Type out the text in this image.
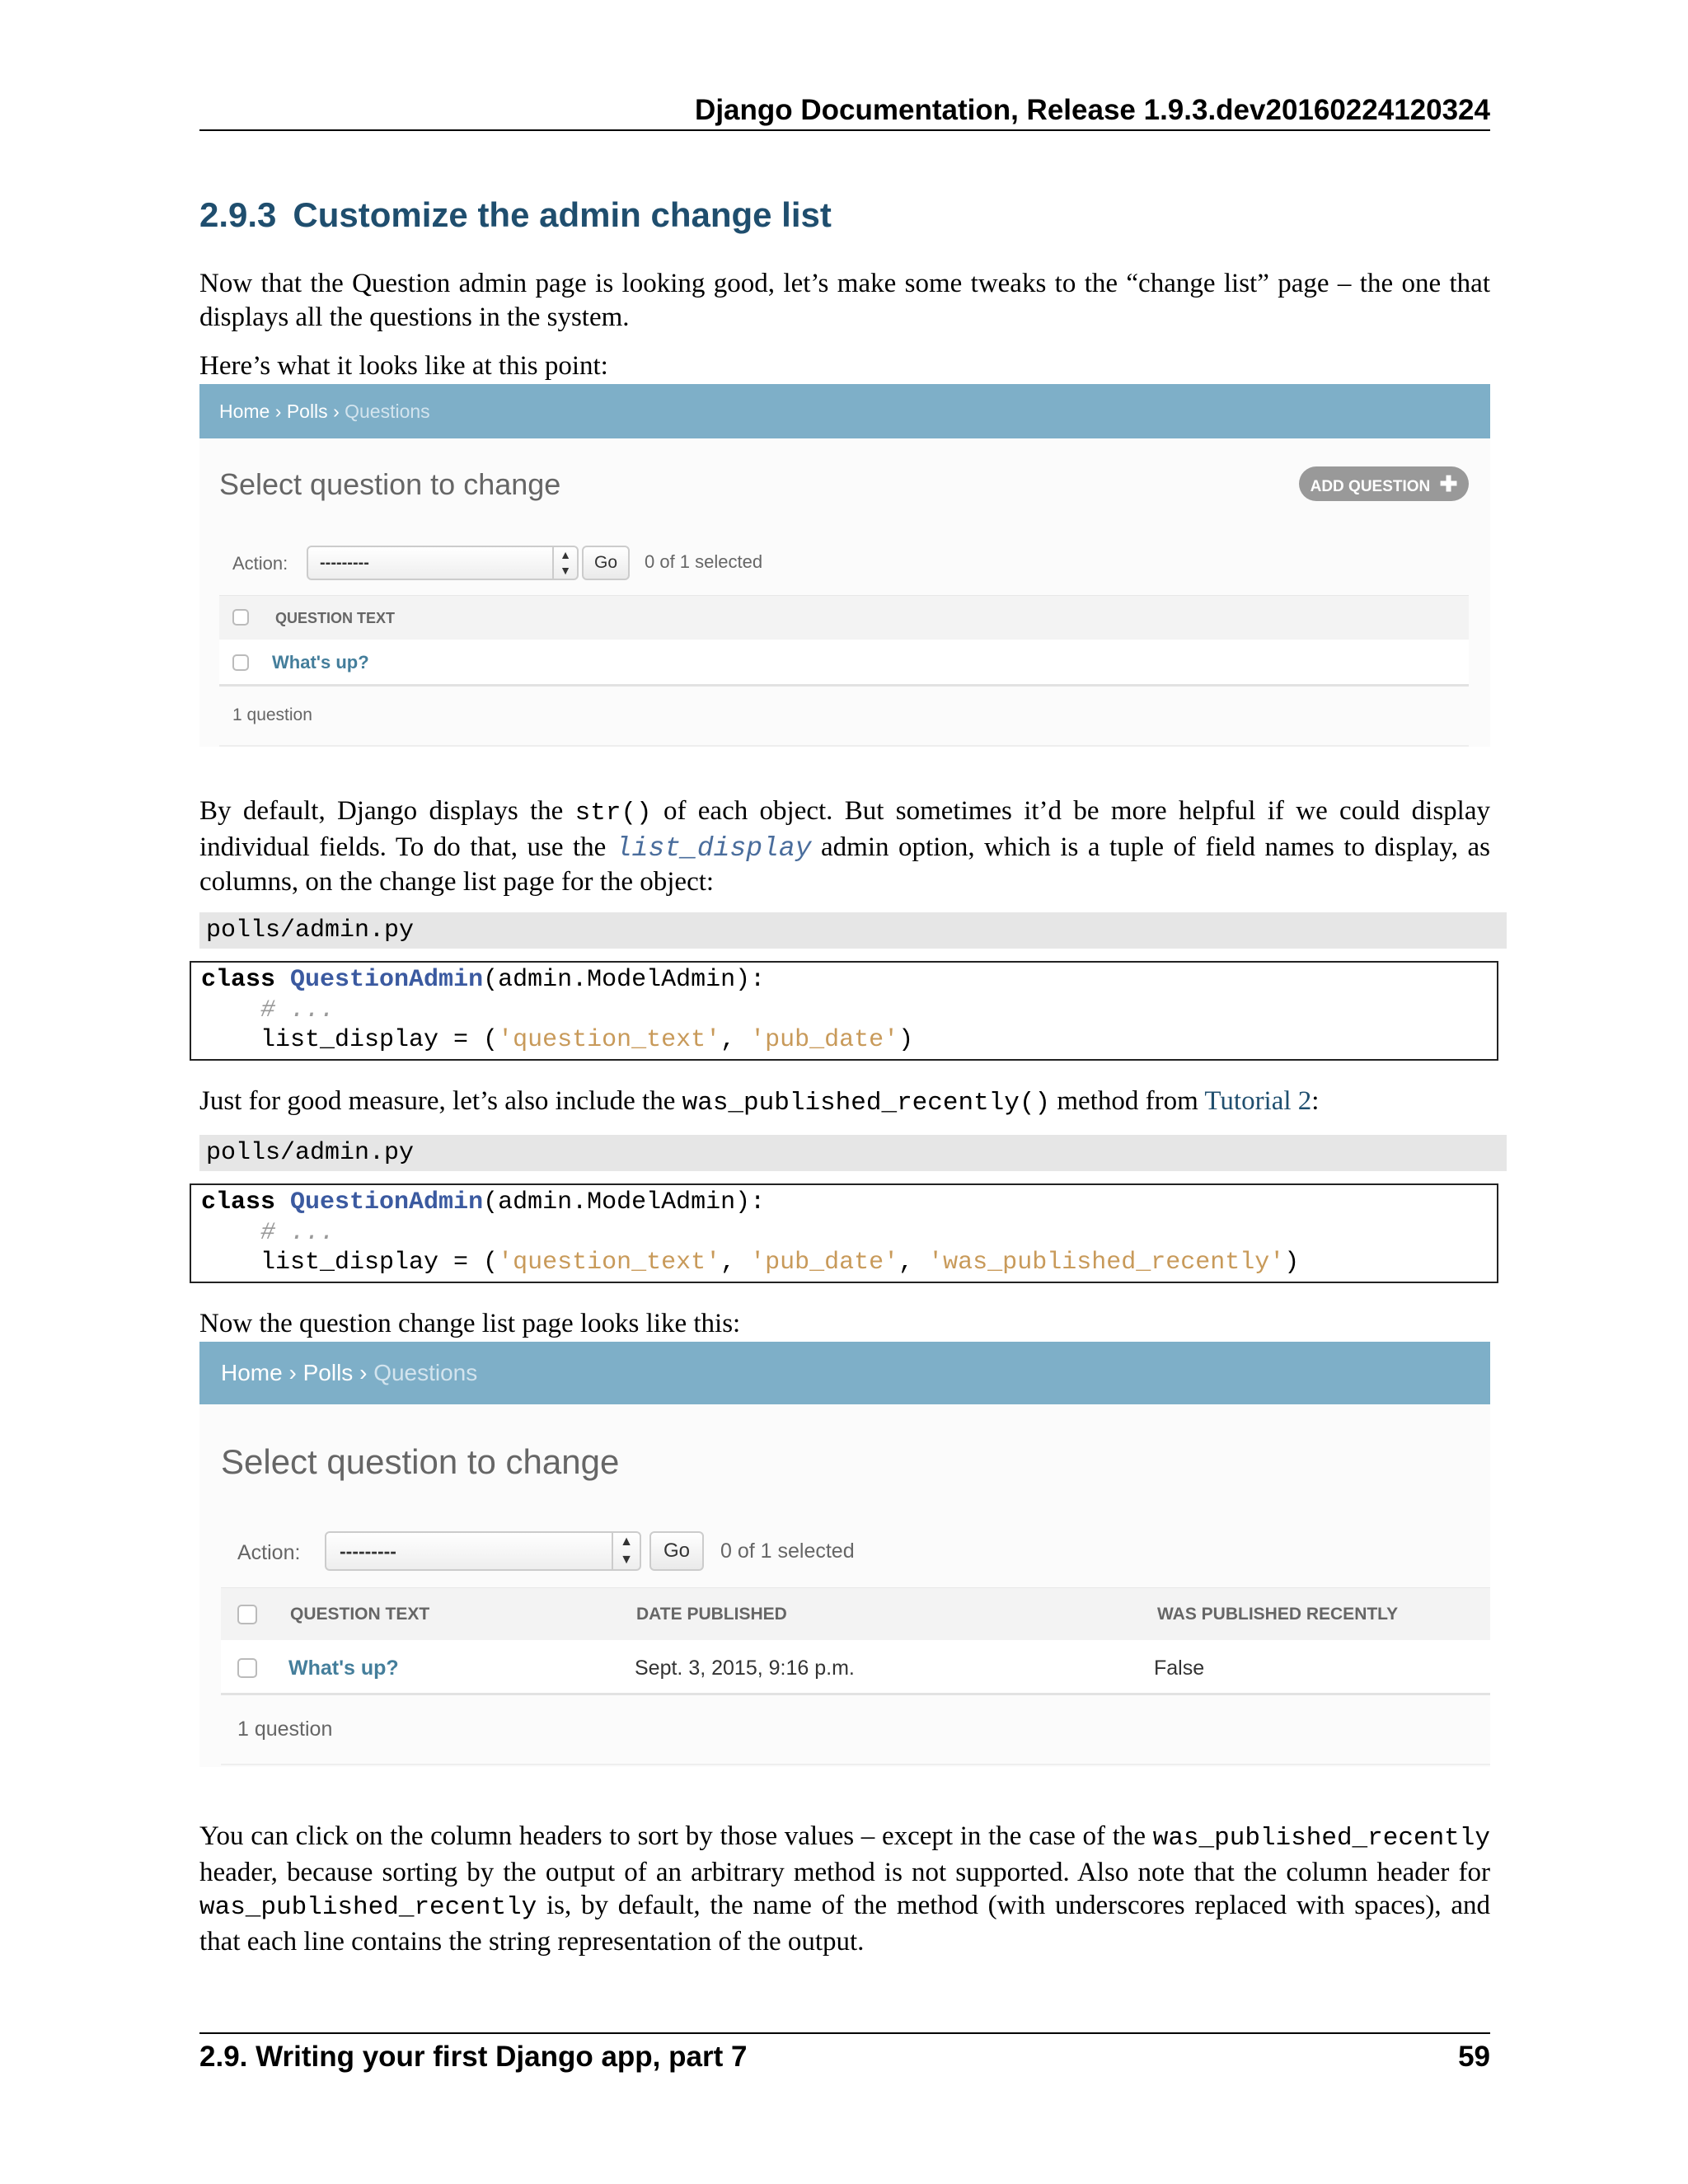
Django Documentation, Release 1.9.3.dev20160224120324
2.9.3 Customize the admin change list
Now that the Question admin page is looking good, let’s make some tweaks to the “change list” page – the one that displays all the questions in the system.
Here’s what it looks like at this point:
Home › Polls › Questions
Select question to change	ADD QUESTION ✚
Action:	---------	▲
▼	Go	0 of 1 selected
QUESTION TEXT
What's up?
1 question
By default, Django displays the str() of each object. But sometimes it’d be more helpful if we could display individual fields. To do that, use the list_display admin option, which is a tuple of field names to display, as columns, on the change list page for the object:
polls/admin.py
class QuestionAdmin(admin.ModelAdmin):
# ...
list_display = ('question_text', 'pub_date')
Just for good measure, let’s also include the was_published_recently() method from Tutorial 2:
polls/admin.py
class QuestionAdmin(admin.ModelAdmin):
# ...
list_display = ('question_text', 'pub_date', 'was_published_recently')
Now the question change list page looks like this:
Home › Polls › Questions
Select question to change
Action:	---------	▲
▼	Go	0 of 1 selected
QUESTION TEXT	DATE PUBLISHED	WAS PUBLISHED RECENTLY
What's up?	Sept. 3, 2015, 9:16 p.m.	False
1 question
You can click on the column headers to sort by those values – except in the case of the was_published_recently header, because sorting by the output of an arbitrary method is not supported. Also note that the column header for was_published_recently is, by default, the name of the method (with underscores replaced with spaces), and that each line contains the string representation of the output.
2.9. Writing your first Django app, part 7	59
